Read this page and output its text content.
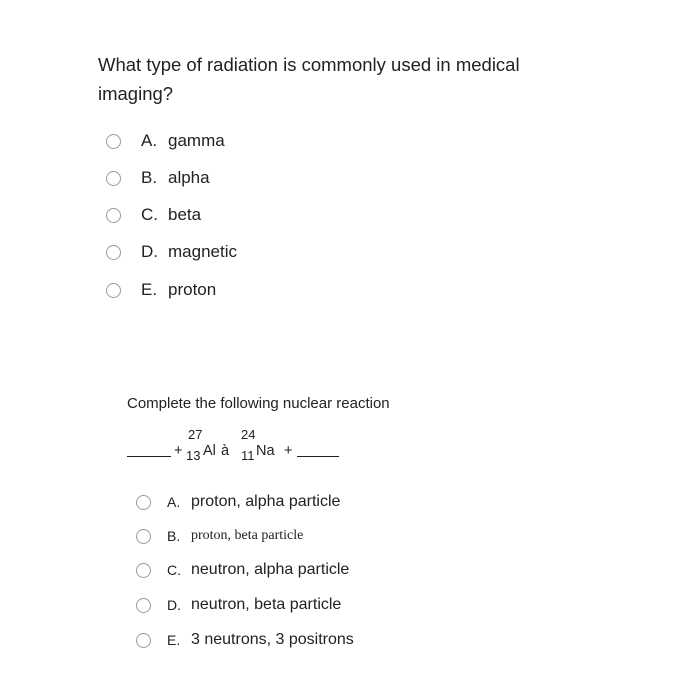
What type of radiation is commonly used in medical imaging?
A. gamma
B. alpha
C. beta
D. magnetic
E. proton
Complete the following nuclear reaction
+
27
13 Al à
24
11 Na +
A. proton, alpha particle
B. proton, beta particle
C. neutron, alpha particle
D. neutron, beta particle
E. 3 neutrons, 3 positrons
